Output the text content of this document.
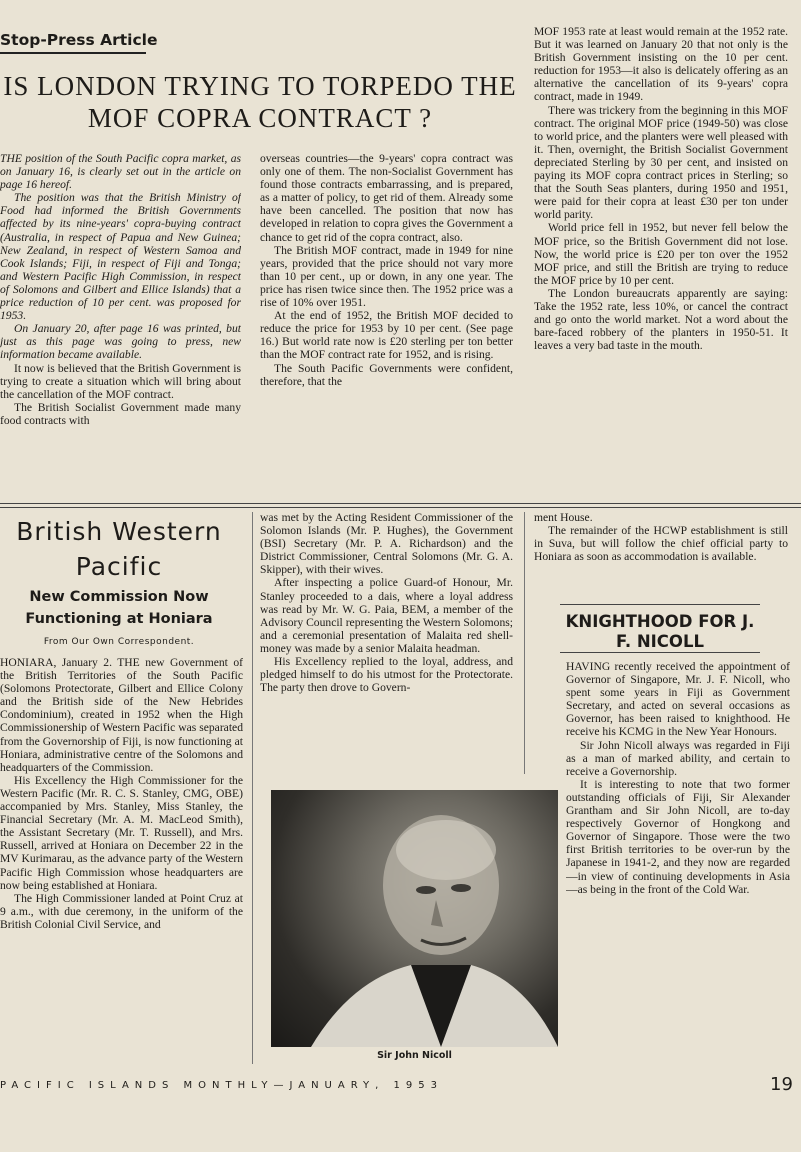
Stop-Press Article
IS LONDON TRYING TO TORPEDO THE MOF COPRA CONTRACT ?

THE position of the South Pacific copra market, as on January 16, is clearly set out in the article on page 16 hereof.

The position was that the British Ministry of Food had informed the British Governments affected by its nine-years' copra-buying contract (Australia, in respect of Papua and New Guinea; New Zealand, in respect of Western Samoa and Cook Islands; Fiji, in respect of Fiji and Tonga; and Western Pacific High Commission, in respect of Solomons and Gilbert and Ellice Islands) that a price reduction of 10 per cent. was proposed for 1953.

On January 20, after page 16 was printed, but just as this page was going to press, new information became available.

It now is believed that the British Government is trying to create a situation which will bring about the cancellation of the MOF contract.

The British Socialist Government made many food contracts with

overseas countries—the 9-years' copra contract was only one of them. The non-Socialist Government has found those contracts embarrassing, and is prepared, as a matter of policy, to get rid of them. Already some have been cancelled. The position that now has developed in relation to copra gives the Government a chance to get rid of the copra contract, also.

The British MOF contract, made in 1949 for nine years, provided that the price should not vary more than 10 per cent., up or down, in any one year. The price has risen twice since then. The 1952 price was a rise of 10% over 1951.

At the end of 1952, the British MOF decided to reduce the price for 1953 by 10 per cent. (See page 16.) But world rate now is £20 sterling per ton better than the MOF contract rate for 1952, and is rising.

The South Pacific Governments were confident, therefore, that the

MOF 1953 rate at least would remain at the 1952 rate. But it was learned on January 20 that not only is the British Government insisting on the 10 per cent. reduction for 1953—it also is delicately offering as an alternative the cancellation of its 9-years' copra contract, made in 1949.

There was trickery from the beginning in this MOF contract. The original MOF price (1949-50) was close to world price, and the planters were well pleased with it. Then, overnight, the British Socialist Government depreciated Sterling by 30 per cent, and insisted on paying its MOF copra contract prices in Sterling; so that the South Seas planters, during 1950 and 1951, were paid for their copra at least £30 per ton under world parity.

World price fell in 1952, but never fell below the MOF price, so the British Government did not lose. Now, the world price is £20 per ton over the 1952 MOF price, and still the British are trying to reduce the MOF price by 10 per cent.

The London bureaucrats apparently are saying: Take the 1952 rate, less 10%, or cancel the contract and go onto the world market. Not a word about the bare-faced robbery of the planters in 1950-51. It leaves a very bad taste in the mouth.

British Western Pacific
New Commission Now Functioning at Honiara
From Our Own Correspondent.

HONIARA, January 2. THE new Government of the British Territories of the South Pacific (Solomons Protectorate, Gilbert and Ellice Colony and the British side of the New Hebrides Condominium), created in 1952 when the High Commissionership of Western Pacific was separated from the Governorship of Fiji, is now functioning at Honiara, administrative centre of the Solomons and headquarters of the Commission.

His Excellency the High Commissioner for the Western Pacific (Mr. R. C. S. Stanley, CMG, OBE) accompanied by Mrs. Stanley, Miss Stanley, the Financial Secretary (Mr. A. M. MacLeod Smith), the Assistant Secretary (Mr. T. Russell), and Mrs. Russell, arrived at Honiara on December 22 in the MV Kurimarau, as the advance party of the Western Pacific High Commission whose headquarters are now being established at Honiara.

The High Commissioner landed at Point Cruz at 9 a.m., with due ceremony, in the uniform of the British Colonial Civil Service, and

was met by the Acting Resident Commissioner of the Solomon Islands (Mr. P. Hughes), the Government (BSI) Secretary (Mr. P. A. Richardson) and the District Commissioner, Central Solomons (Mr. G. A. Skipper), with their wives.

After inspecting a police Guard-of Honour, Mr. Stanley proceeded to a dais, where a loyal address was read by Mr. W. G. Paia, BEM, a member of the Advisory Council representing the Western Solomons; and a ceremonial presentation of Malaita red shell-money was made by a senior Malaita headman.

His Excellency replied to the loyal, address, and pledged himself to do his utmost for the Protectorate. The party then drove to Govern-

ment House.

The remainder of the HCWP establishment is still in Suva, but will follow the chief official party to Honiara as soon as accommodation is available.

KNIGHTHOOD FOR J. F. NICOLL

HAVING recently received the appointment of Governor of Singapore, Mr. J. F. Nicoll, who spent some years in Fiji as Government Secretary, and acted on several occasions as Governor, has been raised to knighthood. He receive his KCMG in the New Year Honours.

Sir John Nicoll always was regarded in Fiji as a man of marked ability, and certain to receive a Governorship.

It is interesting to note that two former outstanding officials of Fiji, Sir Alexander Grantham and Sir John Nicoll, are to-day respectively Governor of Hongkong and Governor of Singapore. Those were the two first British territories to be over-run by the Japanese in 1941-2, and they now are regarded—in view of continuing developments in Asia—as being in the front of the Cold War.

Sir John Nicoll
PACIFIC ISLANDS MONTHLY—JANUARY, 1953	19
